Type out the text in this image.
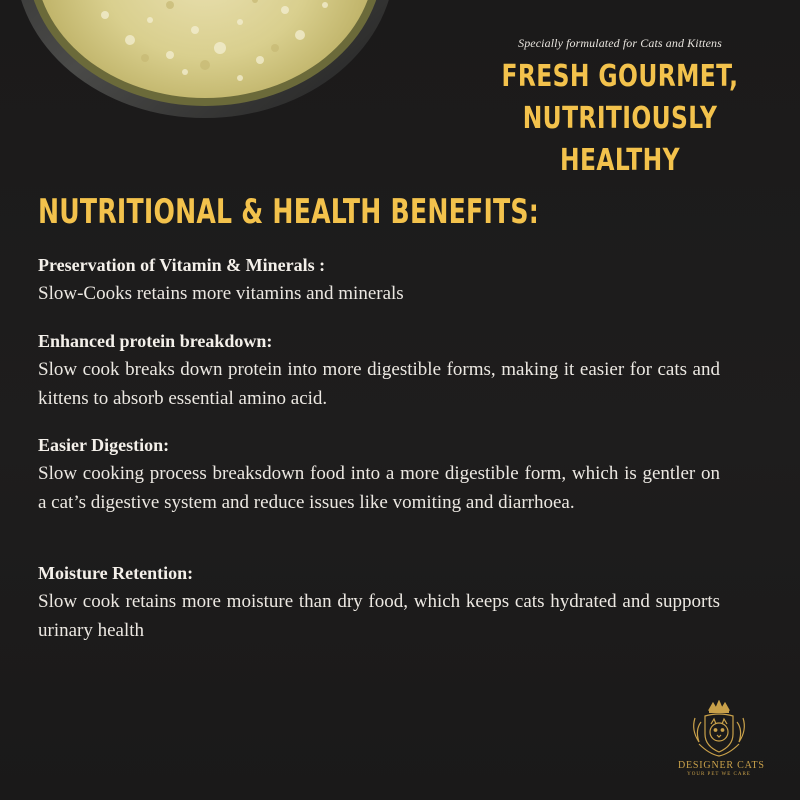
Specially formulated for Cats and Kittens
FRESH GOURMET,
NUTRITIOUSLY HEALTHY
NUTRITIONAL & HEALTH BENEFITS:
Preservation of Vitamin & Minerals :

Slow-Cooks retains more vitamins and minerals

Enhanced protein breakdown:

Slow cook breaks down protein into more digestible forms, making it easier for cats and kittens to absorb essential amino acid.

Easier Digestion:

Slow cooking process breaksdown food into a more digestible form, which is gentler on a cat’s digestive system and reduce issues like vomiting and diarrhoea.

Moisture Retention:

Slow cook retains more moisture than dry food, which keeps cats hydrated and supports urinary health

DESIGNER CATS
YOUR PET WE CARE
